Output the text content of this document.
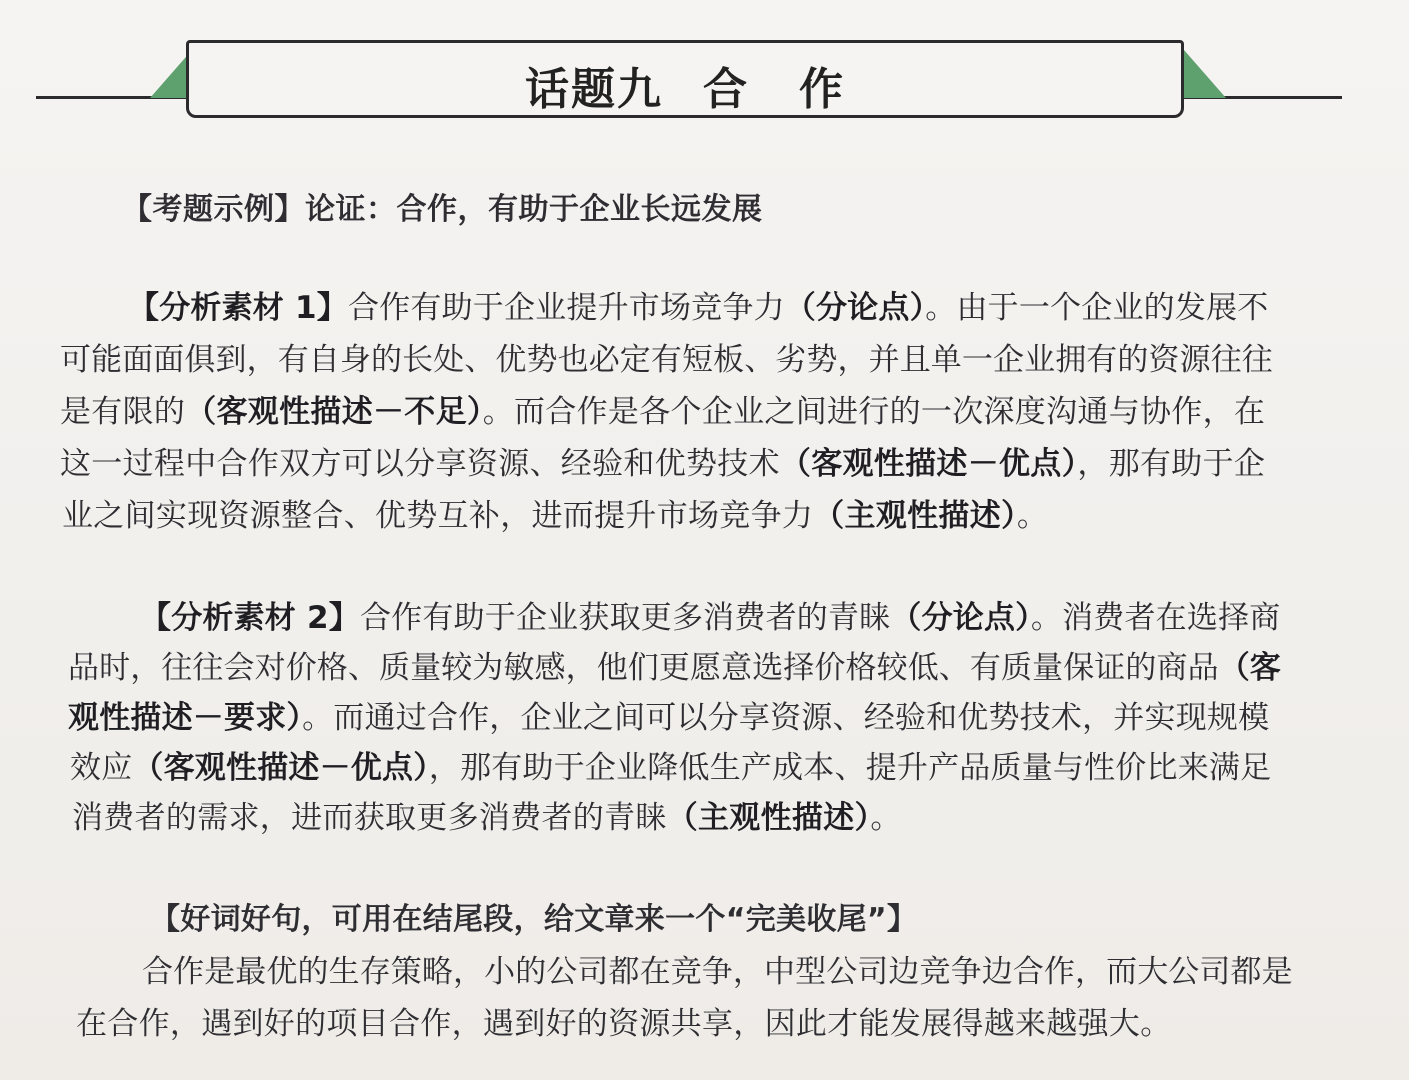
话题九 合 作
【考题示例】论证：合作，有助于企业长远发展
【分析素材 1】合作有助于企业提升市场竞争力（分论点）。由于一个企业的发展不
可能面面俱到，有自身的长处、优势也必定有短板、劣势，并且单一企业拥有的资源往往
是有限的（客观性描述－不足）。而合作是各个企业之间进行的一次深度沟通与协作，在
这一过程中合作双方可以分享资源、经验和优势技术（客观性描述－优点），那有助于企
业之间实现资源整合、优势互补，进而提升市场竞争力（主观性描述）。
【分析素材 2】合作有助于企业获取更多消费者的青睐（分论点）。消费者在选择商
品时，往往会对价格、质量较为敏感，他们更愿意选择价格较低、有质量保证的商品（客
观性描述－要求）。而通过合作，企业之间可以分享资源、经验和优势技术，并实现规模
效应（客观性描述－优点），那有助于企业降低生产成本、提升产品质量与性价比来满足
消费者的需求，进而获取更多消费者的青睐（主观性描述）。
【好词好句，可用在结尾段，给文章来一个“完美收尾”】
合作是最优的生存策略，小的公司都在竞争，中型公司边竞争边合作，而大公司都是
在合作，遇到好的项目合作，遇到好的资源共享，因此才能发展得越来越强大。
